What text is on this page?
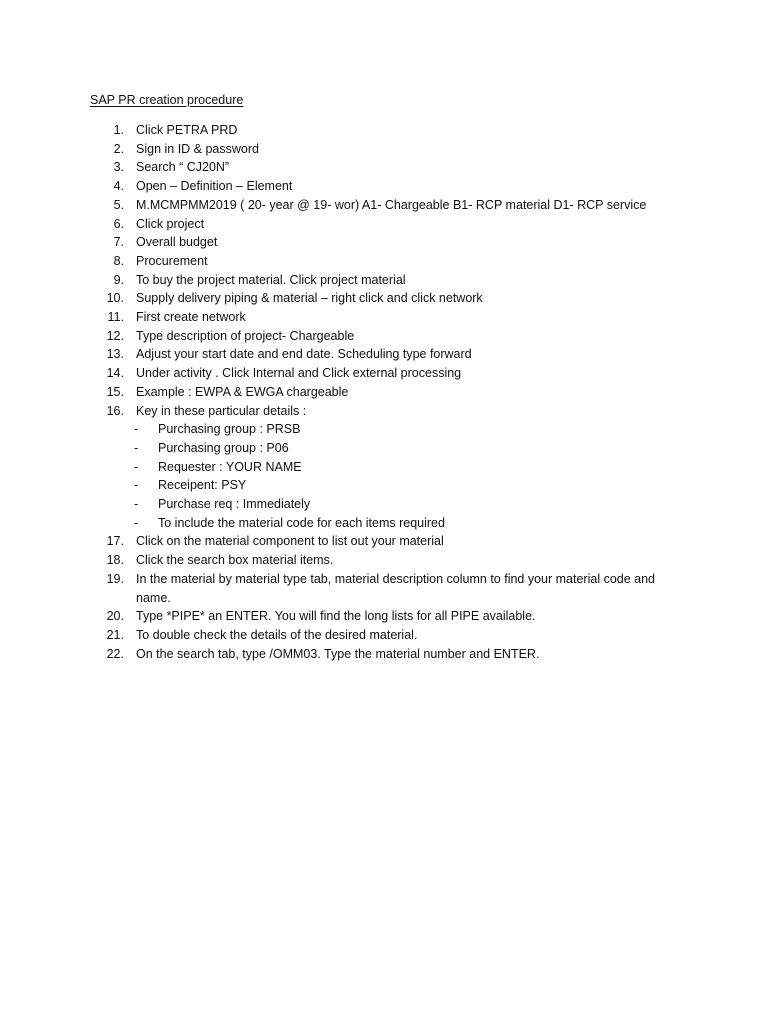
SAP PR creation procedure
1. Click PETRA PRD
2. Sign in ID & password
3. Search “ CJ20N”
4. Open – Definition – Element
5. M.MCMPMM2019 ( 20- year @ 19- wor) A1- Chargeable B1- RCP material D1- RCP service
6. Click project
7. Overall budget
8. Procurement
9. To buy the project material. Click project material
10. Supply delivery piping & material – right click and click network
11. First create network
12. Type description of project- Chargeable
13. Adjust your start date and end date. Scheduling type forward
14. Under activity . Click Internal and Click external processing
15. Example : EWPA & EWGA chargeable
16. Key in these particular details :
- Purchasing group : PRSB
- Purchasing group : P06
- Requester : YOUR NAME
- Receipent: PSY
- Purchase req : Immediately
- To include the material code for each items required
17. Click on the material component to list out your material
18. Click the search box material items.
19. In the material by material type tab, material description column to find your material code and name.
20. Type *PIPE* an ENTER. You will find the long lists for all PIPE available.
21. To double check the details of the desired material.
22. On the search tab, type /OMM03. Type the material number and ENTER.
